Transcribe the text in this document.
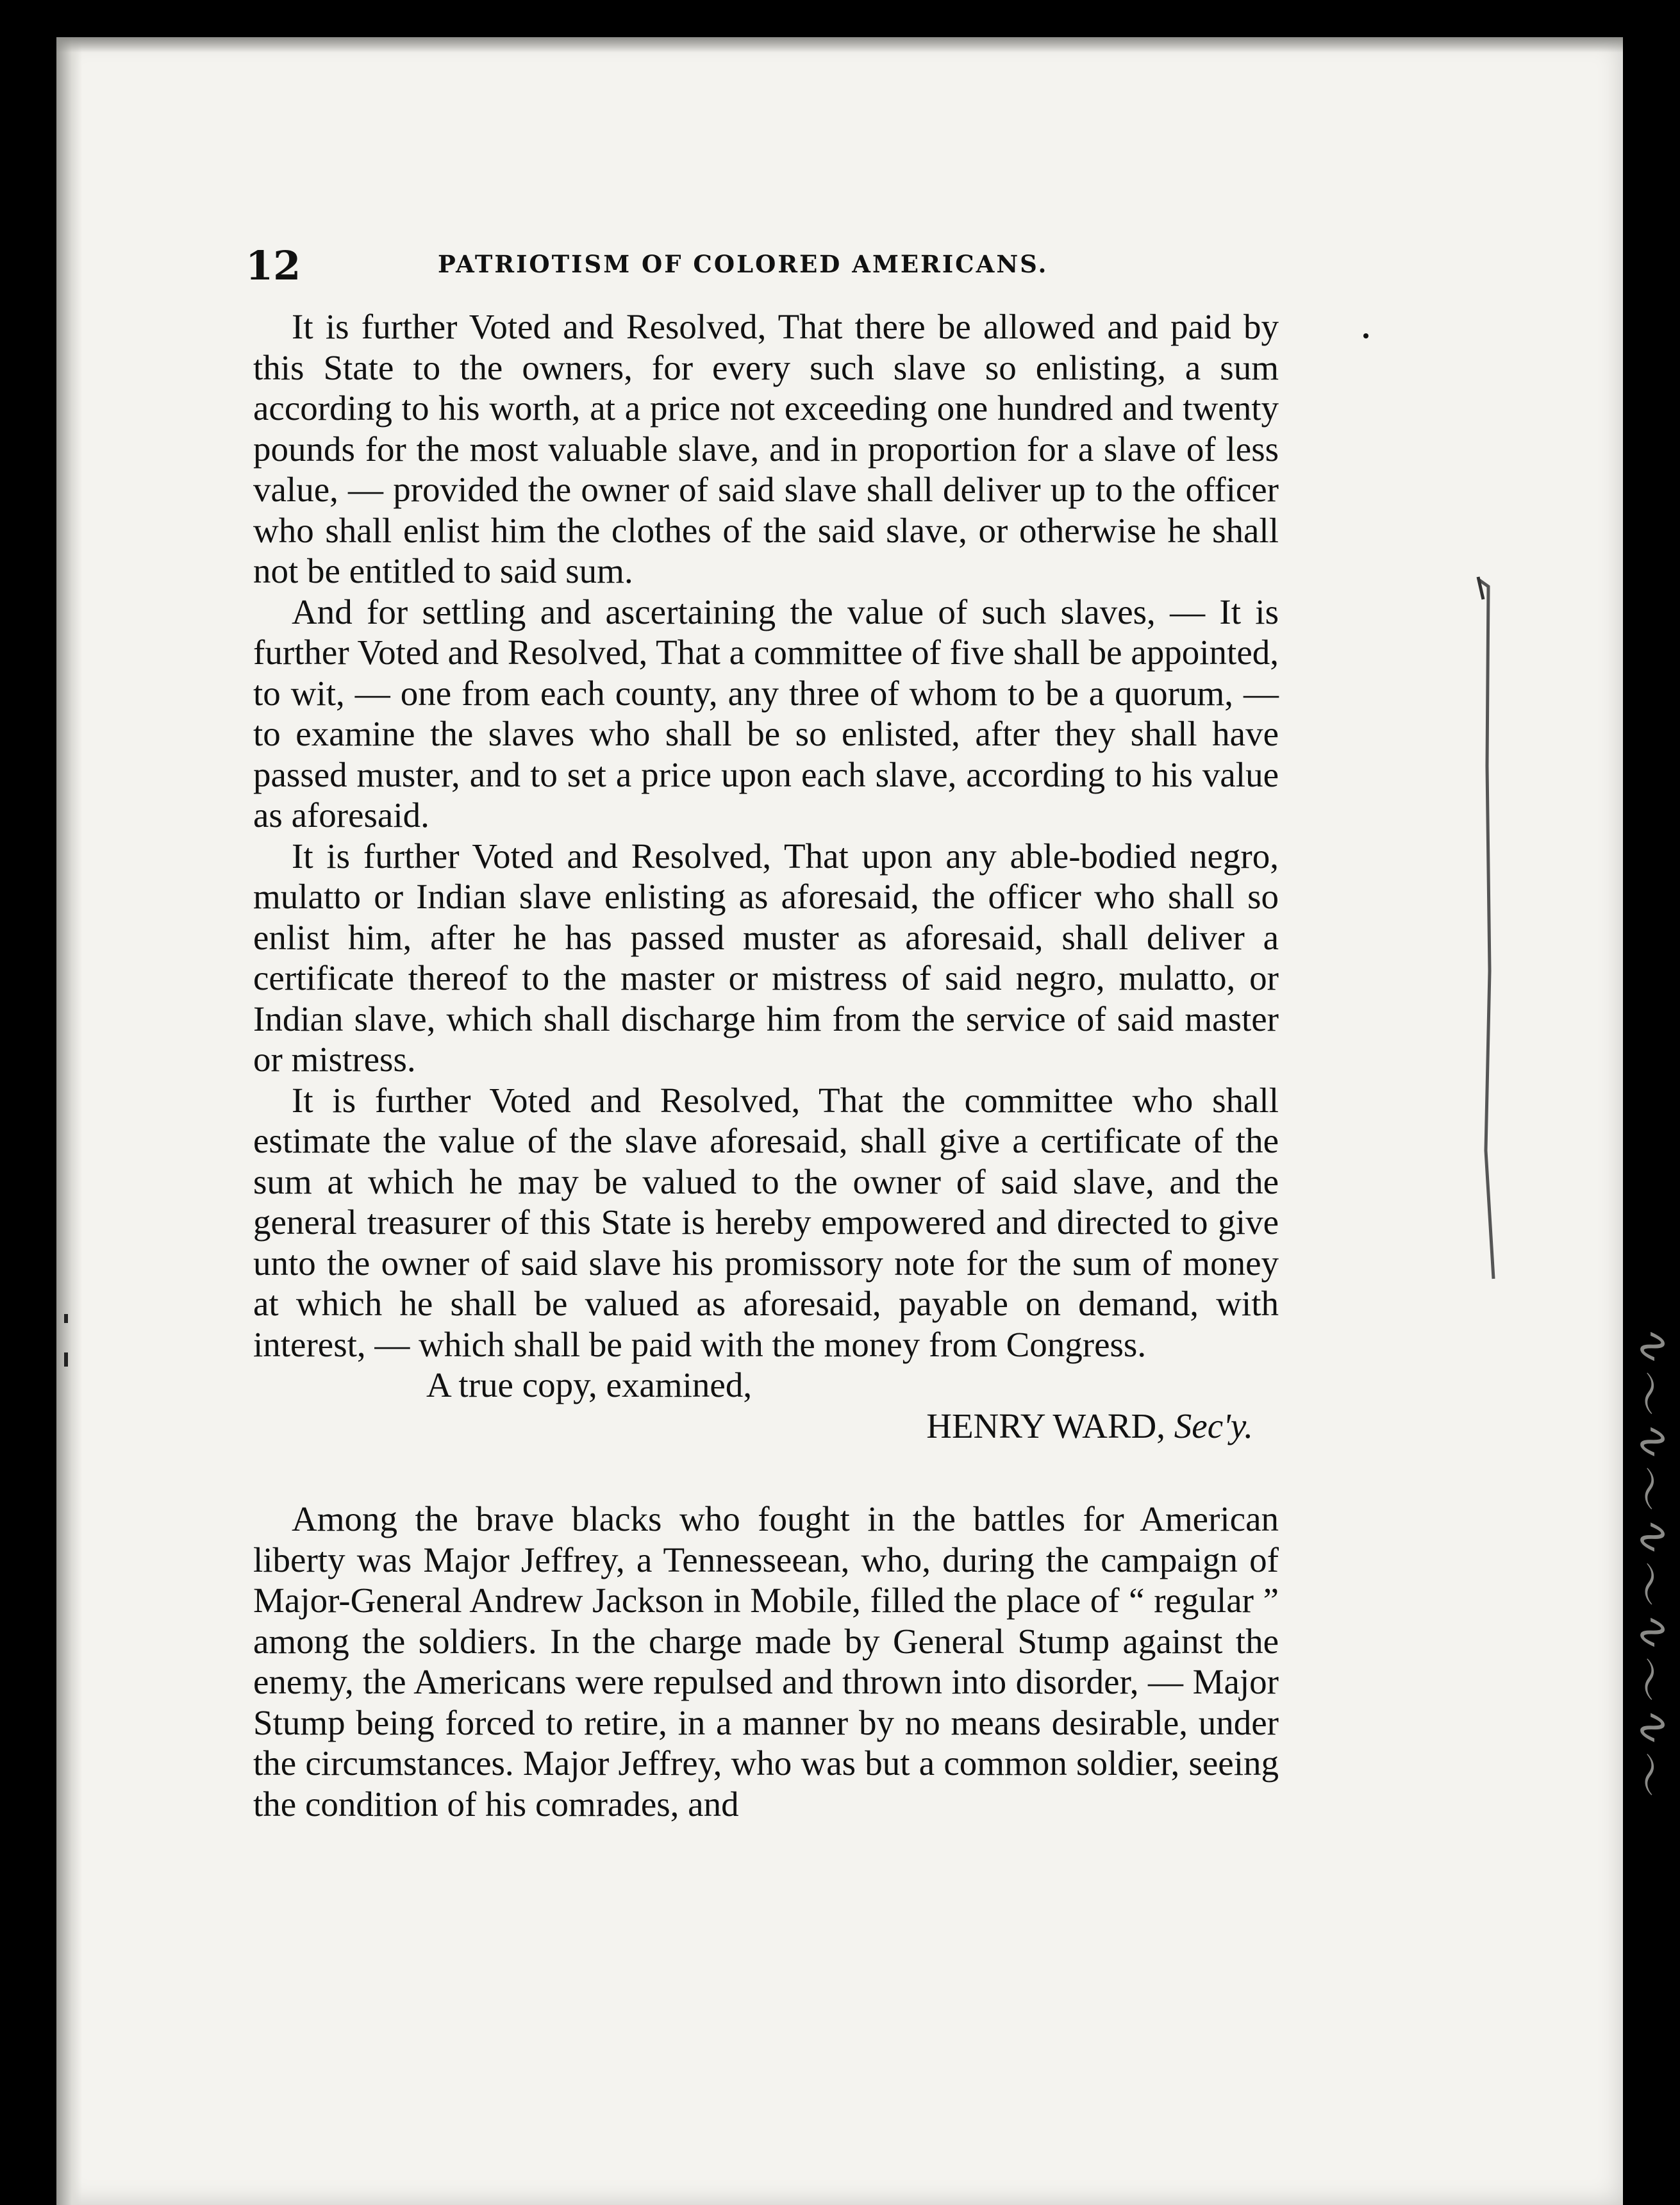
12	PATRIOTISM OF COLORED AMERICANS.

It is further Voted and Resolved, That there be allowed and paid by this State to the owners, for every such slave so enlisting, a sum according to his worth, at a price not exceeding one hundred and twenty pounds for the most valuable slave, and in proportion for a slave of less value, — provided the owner of said slave shall deliver up to the officer who shall enlist him the clothes of the said slave, or otherwise he shall not be entitled to said sum.

And for settling and ascertaining the value of such slaves, — It is further Voted and Resolved, That a committee of five shall be appointed, to wit, — one from each county, any three of whom to be a quorum, — to examine the slaves who shall be so enlisted, after they shall have passed muster, and to set a price upon each slave, according to his value as aforesaid.

It is further Voted and Resolved, That upon any able-bodied negro, mulatto or Indian slave enlisting as aforesaid, the officer who shall so enlist him, after he has passed muster as aforesaid, shall deliver a certificate thereof to the master or mistress of said negro, mulatto, or Indian slave, which shall discharge him from the service of said master or mistress.

It is further Voted and Resolved, That the committee who shall estimate the value of the slave aforesaid, shall give a certificate of the sum at which he may be valued to the owner of said slave, and the general treasurer of this State is hereby empowered and directed to give unto the owner of said slave his promissory note for the sum of money at which he shall be valued as aforesaid, payable on demand, with interest, — which shall be paid with the money from Congress.

A true copy, examined,
HENRY WARD, Sec'y.

Among the brave blacks who fought in the battles for American liberty was Major Jeffrey, a Tennesseean, who, during the campaign of Major-General Andrew Jackson in Mobile, filled the place of “ regular ” among the soldiers. In the charge made by General Stump against the enemy, the Americans were repulsed and thrown into disorder, — Major Stump being forced to retire, in a manner by no means desirable, under the circumstances. Major Jeffrey, who was but a common soldier, seeing the condition of his comrades, and

〜∿〜∿〜∿〜∿〜∿
